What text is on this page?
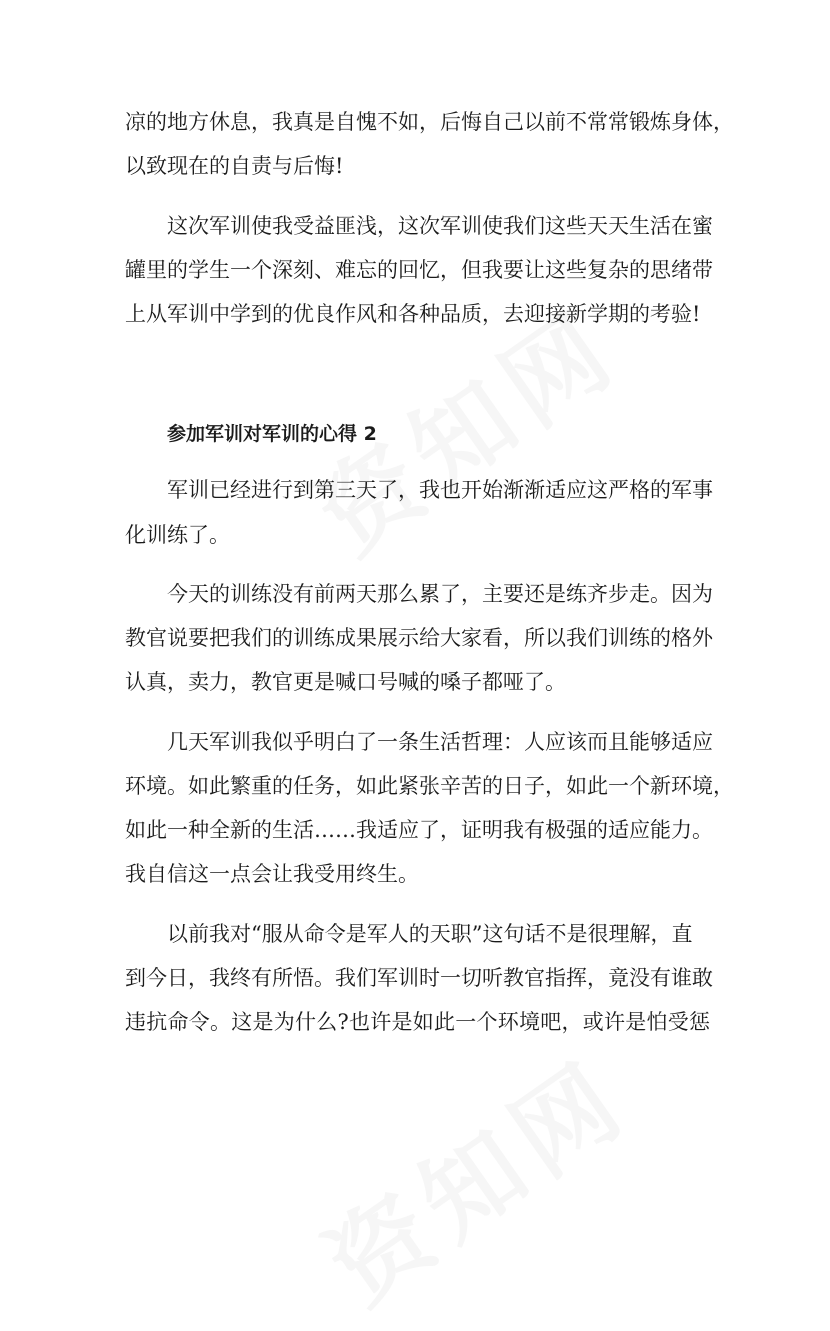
凉的地方休息，我真是自愧不如，后悔自己以前不常常锻炼身体，
以致现在的自责与后悔!
这次军训使我受益匪浅，这次军训使我们这些天天生活在蜜
罐里的学生一个深刻、难忘的回忆，但我要让这些复杂的思绪带
上从军训中学到的优良作风和各种品质，去迎接新学期的考验!
参加军训对军训的心得 2
军训已经进行到第三天了，我也开始渐渐适应这严格的军事
化训练了。
今天的训练没有前两天那么累了，主要还是练齐步走。因为
教官说要把我们的训练成果展示给大家看，所以我们训练的格外
认真，卖力，教官更是喊口号喊的嗓子都哑了。
几天军训我似乎明白了一条生活哲理：人应该而且能够适应
环境。如此繁重的任务，如此紧张辛苦的日子，如此一个新环境，
如此一种全新的生活……我适应了，证明我有极强的适应能力。
我自信这一点会让我受用终生。
以前我对“服从命令是军人的天职”这句话不是很理解，直
到今日，我终有所悟。我们军训时一切听教官指挥，竟没有谁敢
违抗命令。这是为什么?也许是如此一个环境吧，或许是怕受惩
